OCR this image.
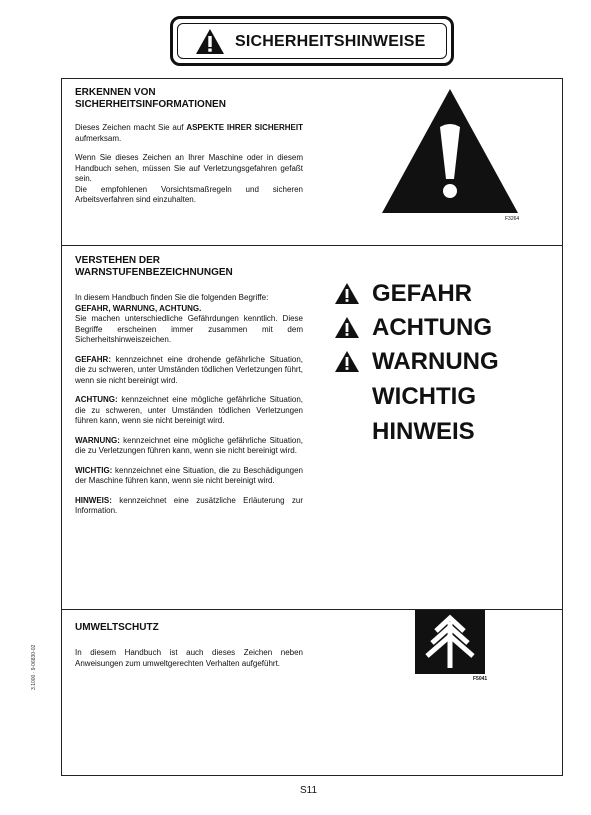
SICHERHEITSHINWEISE
ERKENNEN VON
SICHERHEITSINFORMATIONEN

Dieses Zeichen macht Sie auf ASPEKTE IHRER SICHERHEIT aufmerksam.

Wenn Sie dieses Zeichen an Ihrer Maschine oder in diesem Handbuch sehen, müssen Sie auf Verletzungsgefahren gefaßt sein.

Die empfohlenen Vorsichtsmaßregeln und sicheren Arbeitsverfahren sind einzuhalten.

F3264
VERSTEHEN DER
WARNSTUFENBEZEICHNUNGEN

In diesem Handbuch finden Sie die folgenden Begriffe:
GEFAHR, WARNUNG, ACHTUNG.
Sie machen unterschiedliche Gefährdungen kenntlich. Diese Begriffe erscheinen immer zusammen mit dem Sicherheitshinweiszeichen.

GEFAHR: kennzeichnet eine drohende gefährliche Situation, die zu schweren, unter Umständen tödlichen Verletzungen führt, wenn sie nicht bereinigt wird.

ACHTUNG: kennzeichnet eine mögliche gefährliche Situation, die zu schweren, unter Umständen tödlichen Verletzungen führen kann, wenn sie nicht bereinigt wird.

WARNUNG: kennzeichnet eine mögliche gefährliche Situation, die zu Verletzungen führen kann, wenn sie nicht bereinigt wird.

WICHTIG: kennzeichnet eine Situation, die zu Beschädigungen der Maschine führen kann, wenn sie nicht bereinigt wird.

HINWEIS: kennzeichnet eine zusätzliche Erläuterung zur Information.

GEFAHR
ACHTUNG
WARNUNG
WICHTIG
HINWEIS
UMWELTSCHUTZ

In diesem Handbuch ist auch dieses Zeichen neben Anweisungen zum umweltgerechten Verhalten aufgeführt.

F5041
3.1000 · 9-06830-02
S11
